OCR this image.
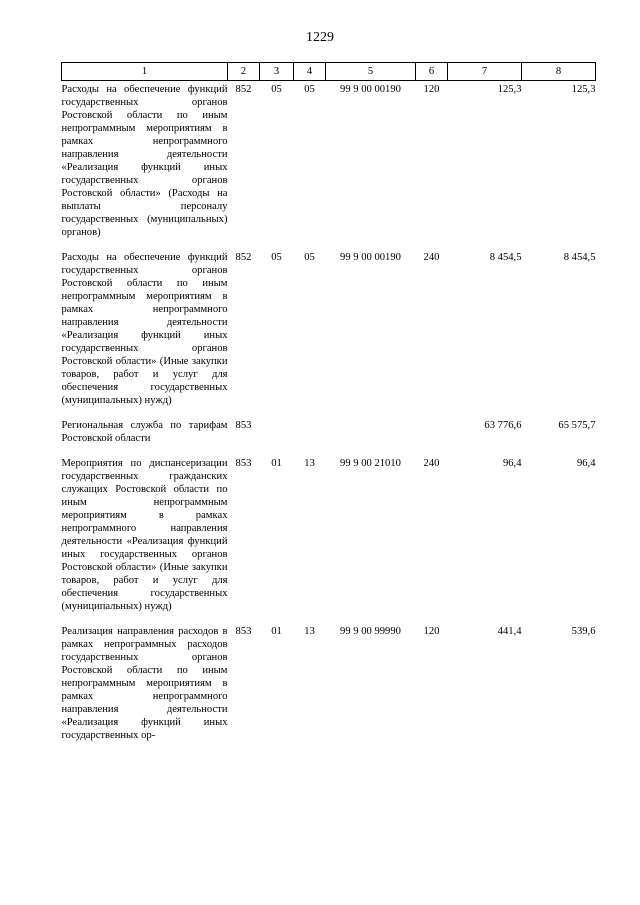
1229
1	2	3	4	5	6	7	8
Расходы на обеспечение функций государственных органов Ростовской области по иным непрограммным мероприятиям в рамках непрограммного направления деятельности «Реализация функций иных государственных органов Ростовской области» (Расходы на выплаты персоналу государственных (муниципальных) органов)	852	05	05	99 9 00 00190	120	125,3	125,3
Расходы на обеспечение функций государственных органов Ростовской области по иным непрограммным мероприятиям в рамках непрограммного направления деятельности «Реализация функций иных государственных органов Ростовской области» (Иные закупки товаров, работ и услуг для обеспечения государственных (муниципальных) нужд)	852	05	05	99 9 00 00190	240	8 454,5	8 454,5
Региональная служба по тарифам Ростовской области	853					63 776,6	65 575,7
Мероприятия по диспансеризации государственных гражданских служащих Ростовской области по иным непрограммным мероприятиям в рамках непрограммного направления деятельности «Реализация функций иных государственных органов Ростовской области» (Иные закупки товаров, работ и услуг для обеспечения государственных (муниципальных) нужд)	853	01	13	99 9 00 21010	240	96,4	96,4
Реализация направления расходов в рамках непрограммных расходов государственных органов Ростовской области по иным непрограммным мероприятиям в рамках непрограммного направления деятельности «Реализация функций иных государственных ор-	853	01	13	99 9 00 99990	120	441,4	539,6
